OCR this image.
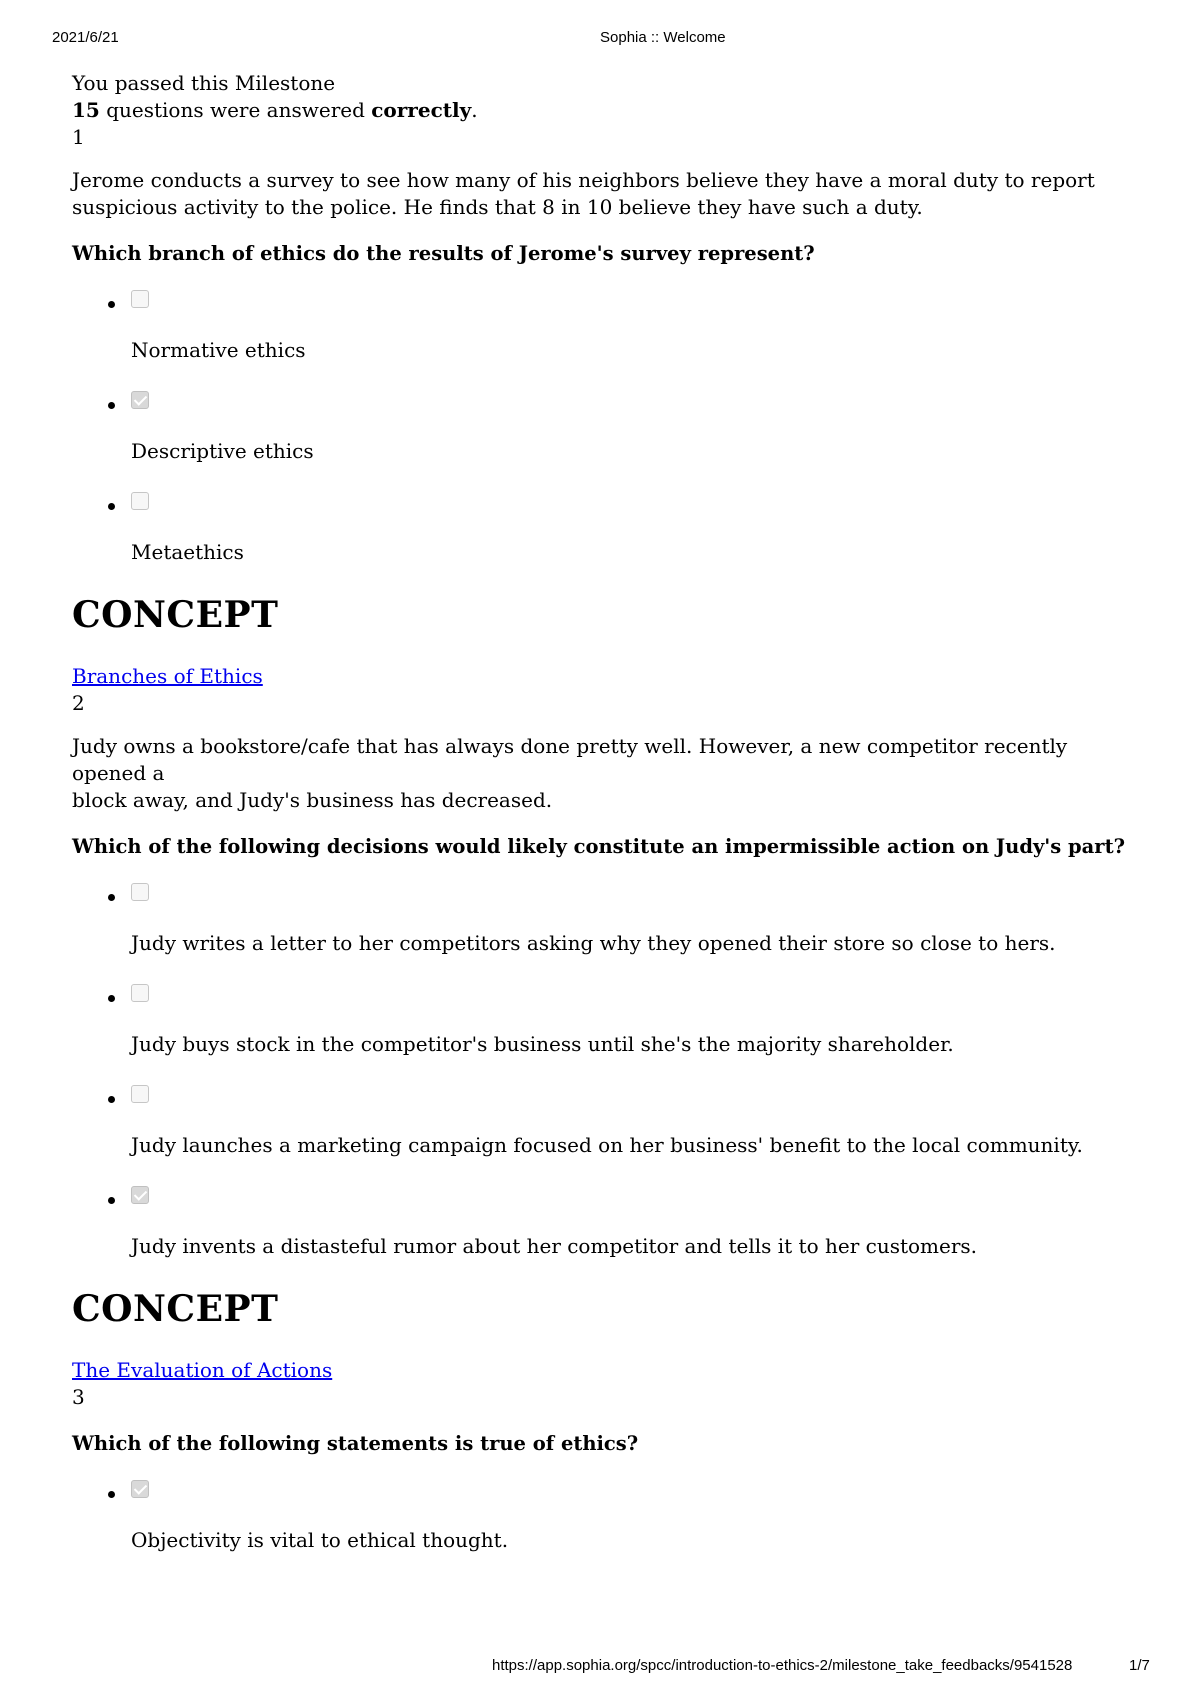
2021/6/21	Sophia :: Welcome
You passed this Milestone
15 questions were answered correctly.
1

Jerome conducts a survey to see how many of his neighbors believe they have a moral duty to report
suspicious activity to the police. He finds that 8 in 10 believe they have such a duty.

Which branch of ethics do the results of Jerome's survey represent?

Normative ethics
Descriptive ethics
Metaethics
CONCEPT
Branches of Ethics
2

Judy owns a bookstore/cafe that has always done pretty well. However, a new competitor recently opened a
block away, and Judy's business has decreased.

Which of the following decisions would likely constitute an impermissible action on Judy's part?

Judy writes a letter to her competitors asking why they opened their store so close to hers.
Judy buys stock in the competitor's business until she's the majority shareholder.
Judy launches a marketing campaign focused on her business' benefit to the local community.
Judy invents a distasteful rumor about her competitor and tells it to her customers.
CONCEPT
The Evaluation of Actions
3

Which of the following statements is true of ethics?

Objectivity is vital to ethical thought.
https://app.sophia.org/spcc/introduction-to-ethics-2/milestone_take_feedbacks/9541528	1/7
